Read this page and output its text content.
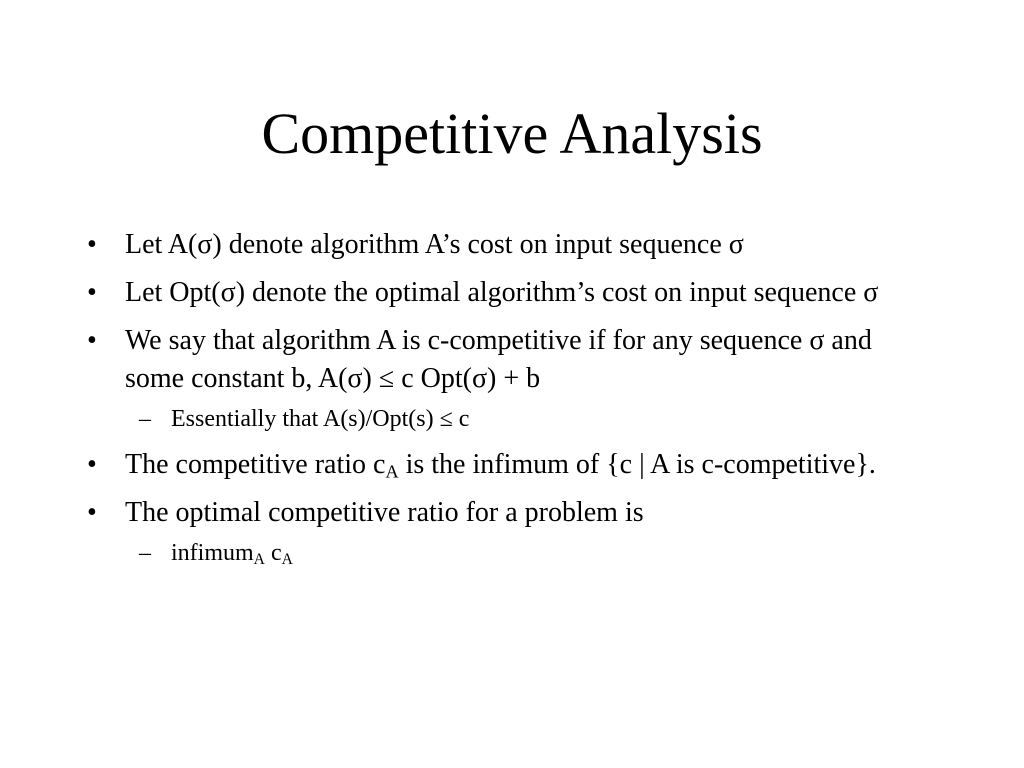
Competitive Analysis
• Let A(σ) denote algorithm A’s cost on input sequence σ
• Let Opt(σ) denote the optimal algorithm’s cost on input sequence σ
• We say that algorithm A is c-competitive if for any sequence σ and some constant b, A(σ) ≤ c Opt(σ) + b
– Essentially that A(s)/Opt(s) ≤ c
• The competitive ratio $c_A$ is the infimum of {c | A is c-competitive}.
• The optimal competitive ratio for a problem is
– infimum$_A$ $c_A$
